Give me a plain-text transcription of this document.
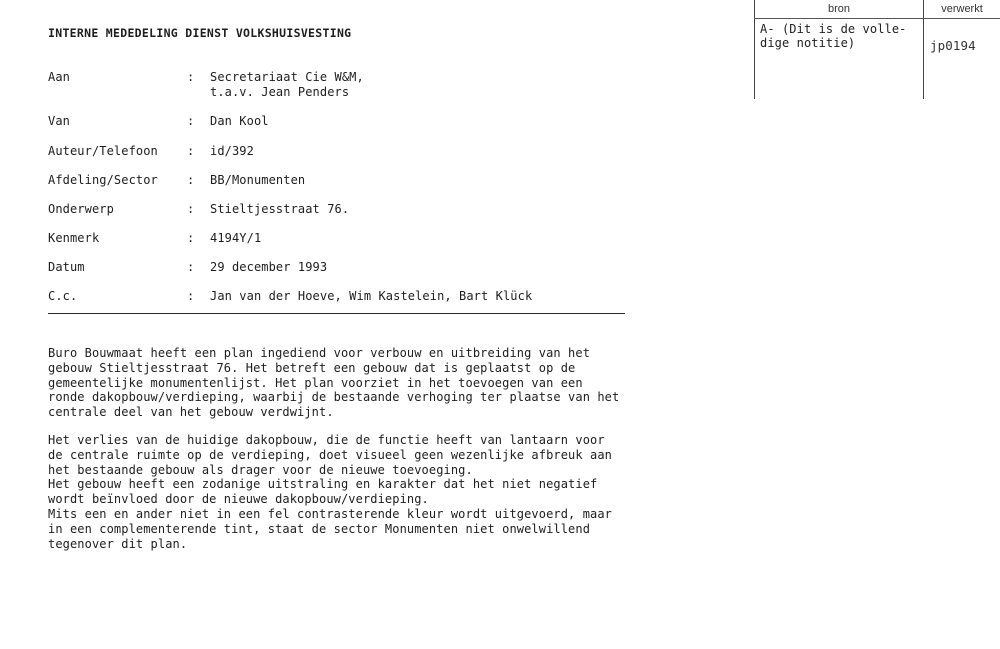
bron	verwerkt
A- (Dit is de volle-
dige notitie)	jp0194
INTERNE MEDEDELING DIENST VOLKSHUISVESTING
Aan	: Secretariaat Cie W&M,
t.a.v. Jean Penders
Van	: Dan Kool
Auteur/Telefoon : id/392
Afdeling/Sector : BB/Monumenten
Onderwerp	: Stieltjesstraat 76.
Kenmerk	: 4194Y/1
Datum	: 29 december 1993
C.c.	: Jan van der Hoeve, Wim Kastelein, Bart Klück
Buro Bouwmaat heeft een plan ingediend voor verbouw en uitbreiding van het
gebouw Stieltjesstraat 76. Het betreft een gebouw dat is geplaatst op de
gemeentelijke monumentenlijst. Het plan voorziet in het toevoegen van een
ronde dakopbouw/verdieping, waarbij de bestaande verhoging ter plaatse van het
centrale deel van het gebouw verdwijnt.
Het verlies van de huidige dakopbouw, die de functie heeft van lantaarn voor
de centrale ruimte op de verdieping, doet visueel geen wezenlijke afbreuk aan
het bestaande gebouw als drager voor de nieuwe toevoeging.
Het gebouw heeft een zodanige uitstraling en karakter dat het niet negatief
wordt beïnvloed door de nieuwe dakopbouw/verdieping.
Mits een en ander niet in een fel contrasterende kleur wordt uitgevoerd, maar
in een complementerende tint, staat de sector Monumenten niet onwelwillend
tegenover dit plan.
